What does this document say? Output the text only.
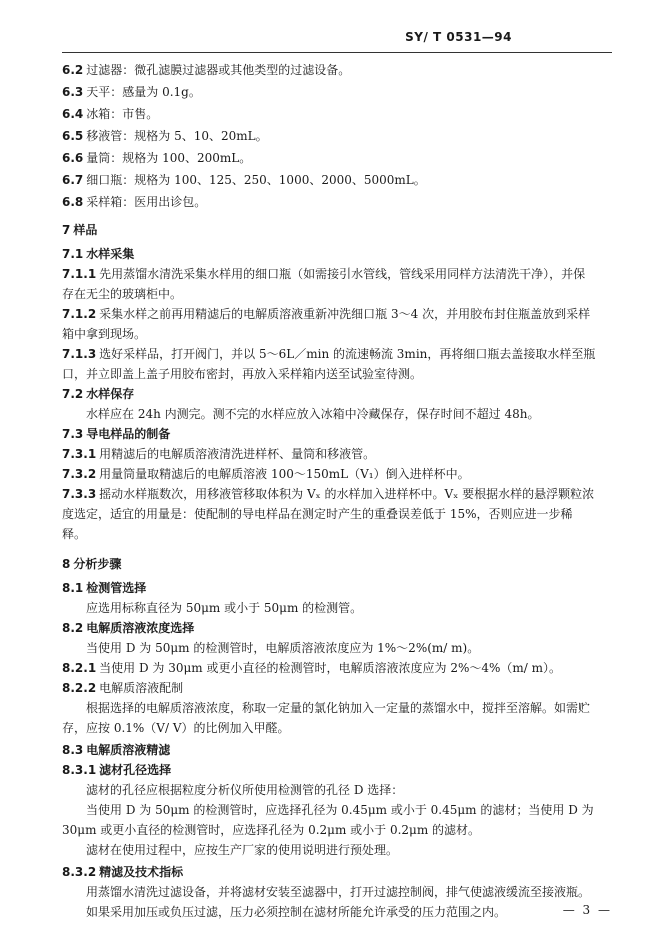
SY/ T 0531—94
6.2 过滤器：微孔滤膜过滤器或其他类型的过滤设备。
6.3 天平：感量为 0.1g。
6.4 冰箱：市售。
6.5 移液管：规格为 5、10、20mL。
6.6 量筒：规格为 100、200mL。
6.7 细口瓶：规格为 100、125、250、1000、2000、5000mL。
6.8 采样箱：医用出诊包。
7 样品
7.1 水样采集
7.1.1 先用蒸馏水清洗采集水样用的细口瓶（如需接引水管线，管线采用同样方法清洗干净），并保
存在无尘的玻璃柜中。
7.1.2 采集水样之前再用精滤后的电解质溶液重新冲洗细口瓶 3～4 次，并用胶布封住瓶盖放到采样
箱中拿到现场。
7.1.3 选好采样品，打开阀门，并以 5～6L／min 的流速畅流 3min，再将细口瓶去盖接取水样至瓶
口，并立即盖上盖子用胶布密封，再放入采样箱内送至试验室待测。
7.2 水样保存
水样应在 24h 内测完。测不完的水样应放入冰箱中冷藏保存，保存时间不超过 48h。
7.3 导电样品的制备
7.3.1 用精滤后的电解质溶液清洗进样杯、量筒和移液管。
7.3.2 用量筒量取精滤后的电解质溶液 100～150mL（V₁）倒入进样杯中。
7.3.3 摇动水样瓶数次，用移液管移取体积为 Vₓ 的水样加入进样杯中。Vₓ 要根据水样的悬浮颗粒浓
度选定，适宜的用量是：使配制的导电样品在测定时产生的重叠误差低于 15%，否则应进一步稀
释。
8 分析步骤
8.1 检测管选择
应选用标称直径为 50μm 或小于 50μm 的检测管。
8.2 电解质溶液浓度选择
当使用 D 为 50μm 的检测管时，电解质溶液浓度应为 1%～2%(m/ m)。
8.2.1 当使用 D 为 30μm 或更小直径的检测管时，电解质溶液浓度应为 2%～4%（m/ m）。
8.2.2 电解质溶液配制
根据选择的电解质溶液浓度，称取一定量的氯化钠加入一定量的蒸馏水中，搅拌至溶解。如需贮
存，应按 0.1%（V/ V）的比例加入甲醛。
8.3 电解质溶液精滤
8.3.1 滤材孔径选择
滤材的孔径应根据粒度分析仪所使用检测管的孔径 D 选择：
当使用 D 为 50μm 的检测管时，应选择孔径为 0.45μm 或小于 0.45μm 的滤材；当使用 D 为
30μm 或更小直径的检测管时，应选择孔径为 0.2μm 或小于 0.2μm 的滤材。
滤材在使用过程中，应按生产厂家的使用说明进行预处理。
8.3.2 精滤及技术指标
用蒸馏水清洗过滤设备，并将滤材安装至滤器中，打开过滤控制阀，排气使滤液缓流至接液瓶。
如果采用加压或负压过滤，压力必须控制在滤材所能允许承受的压力范围之内。	— 3 —
